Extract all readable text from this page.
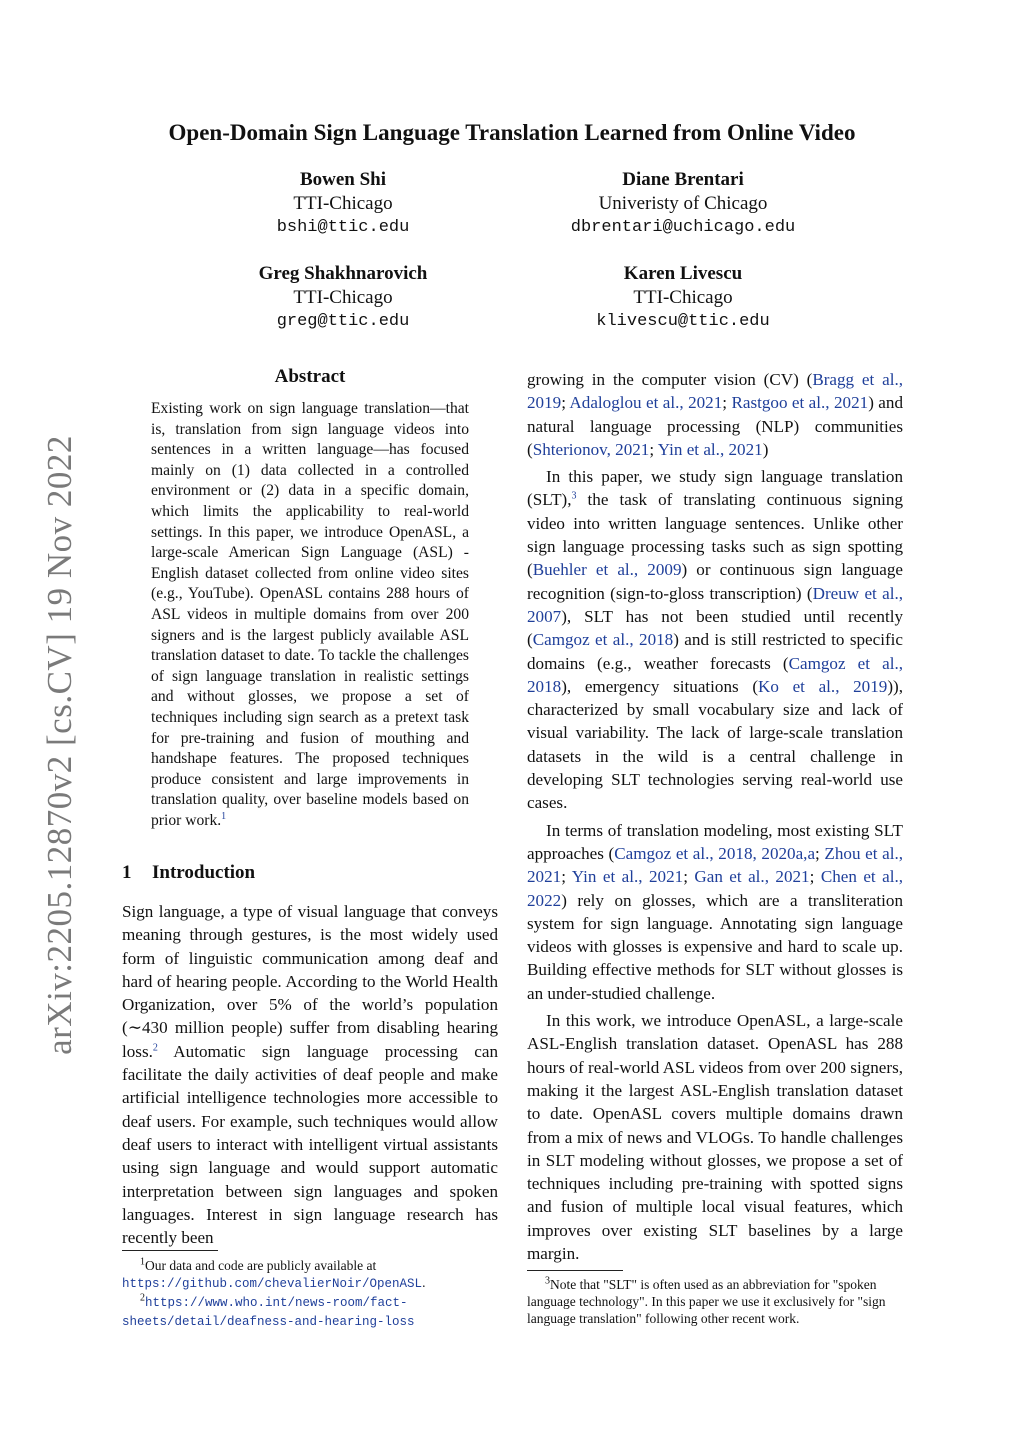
arXiv:2205.12870v2 [cs.CV] 19 Nov 2022
Open-Domain Sign Language Translation Learned from Online Video
Bowen Shi
TTI-Chicago
bshi@ttic.edu
Diane Brentari
Univeristy of Chicago
dbrentari@uchicago.edu
Greg Shakhnarovich
TTI-Chicago
greg@ttic.edu
Karen Livescu
TTI-Chicago
klivescu@ttic.edu
Abstract

Existing work on sign language translation—that is, translation from sign language videos into sentences in a written language—has focused mainly on (1) data collected in a controlled environment or (2) data in a specific domain, which limits the applicability to real-world settings. In this paper, we introduce OpenASL, a large-scale American Sign Language (ASL) - English dataset collected from online video sites (e.g., YouTube). OpenASL contains 288 hours of ASL videos in multiple domains from over 200 signers and is the largest publicly available ASL translation dataset to date. To tackle the challenges of sign language translation in realistic settings and without glosses, we propose a set of techniques including sign search as a pretext task for pre-training and fusion of mouthing and handshape features. The proposed techniques produce consistent and large improvements in translation quality, over baseline models based on prior work.$^1$

1 Introduction

Sign language, a type of visual language that conveys meaning through gestures, is the most widely used form of linguistic communication among deaf and hard of hearing people. According to the World Health Organization, over 5% of the world’s population (∼430 million people) suffer from disabling hearing loss.$^2$ Automatic sign language processing can facilitate the daily activities of deaf people and make artificial intelligence technologies more accessible to deaf users. For example, such techniques would allow deaf users to interact with intelligent virtual assistants using sign language and would support automatic interpretation between sign languages and spoken languages. Interest in sign language research has recently been

$^1$Our data and code are publicly available at https://github.com/chevalierNoir/OpenASL.
$^2$https://www.who.int/news-room/fact-sheets/detail/deafness-and-hearing-loss

growing in the computer vision (CV) (Bragg et al., 2019; Adaloglou et al., 2021; Rastgoo et al., 2021) and natural language processing (NLP) communities (Shterionov, 2021; Yin et al., 2021)

In this paper, we study sign language translation (SLT),$^3$ the task of translating continuous signing video into written language sentences. Unlike other sign language processing tasks such as sign spotting (Buehler et al., 2009) or continuous sign language recognition (sign-to-gloss transcription) (Dreuw et al., 2007), SLT has not been studied until recently (Camgoz et al., 2018) and is still restricted to specific domains (e.g., weather forecasts (Camgoz et al., 2018), emergency situations (Ko et al., 2019)), characterized by small vocabulary size and lack of visual variability. The lack of large-scale translation datasets in the wild is a central challenge in developing SLT technologies serving real-world use cases.

In terms of translation modeling, most existing SLT approaches (Camgoz et al., 2018, 2020a,a; Zhou et al., 2021; Yin et al., 2021; Gan et al., 2021; Chen et al., 2022) rely on glosses, which are a transliteration system for sign language. Annotating sign language videos with glosses is expensive and hard to scale up. Building effective methods for SLT without glosses is an under-studied challenge.

In this work, we introduce OpenASL, a large-scale ASL-English translation dataset. OpenASL has 288 hours of real-world ASL videos from over 200 signers, making it the largest ASL-English translation dataset to date. OpenASL covers multiple domains drawn from a mix of news and VLOGs. To handle challenges in SLT modeling without glosses, we propose a set of techniques including pre-training with spotted signs and fusion of multiple local visual features, which improves over existing SLT baselines by a large margin.

$^3$Note that "SLT" is often used as an abbreviation for "spoken language technology". In this paper we use it exclusively for "sign language translation" following other recent work.
